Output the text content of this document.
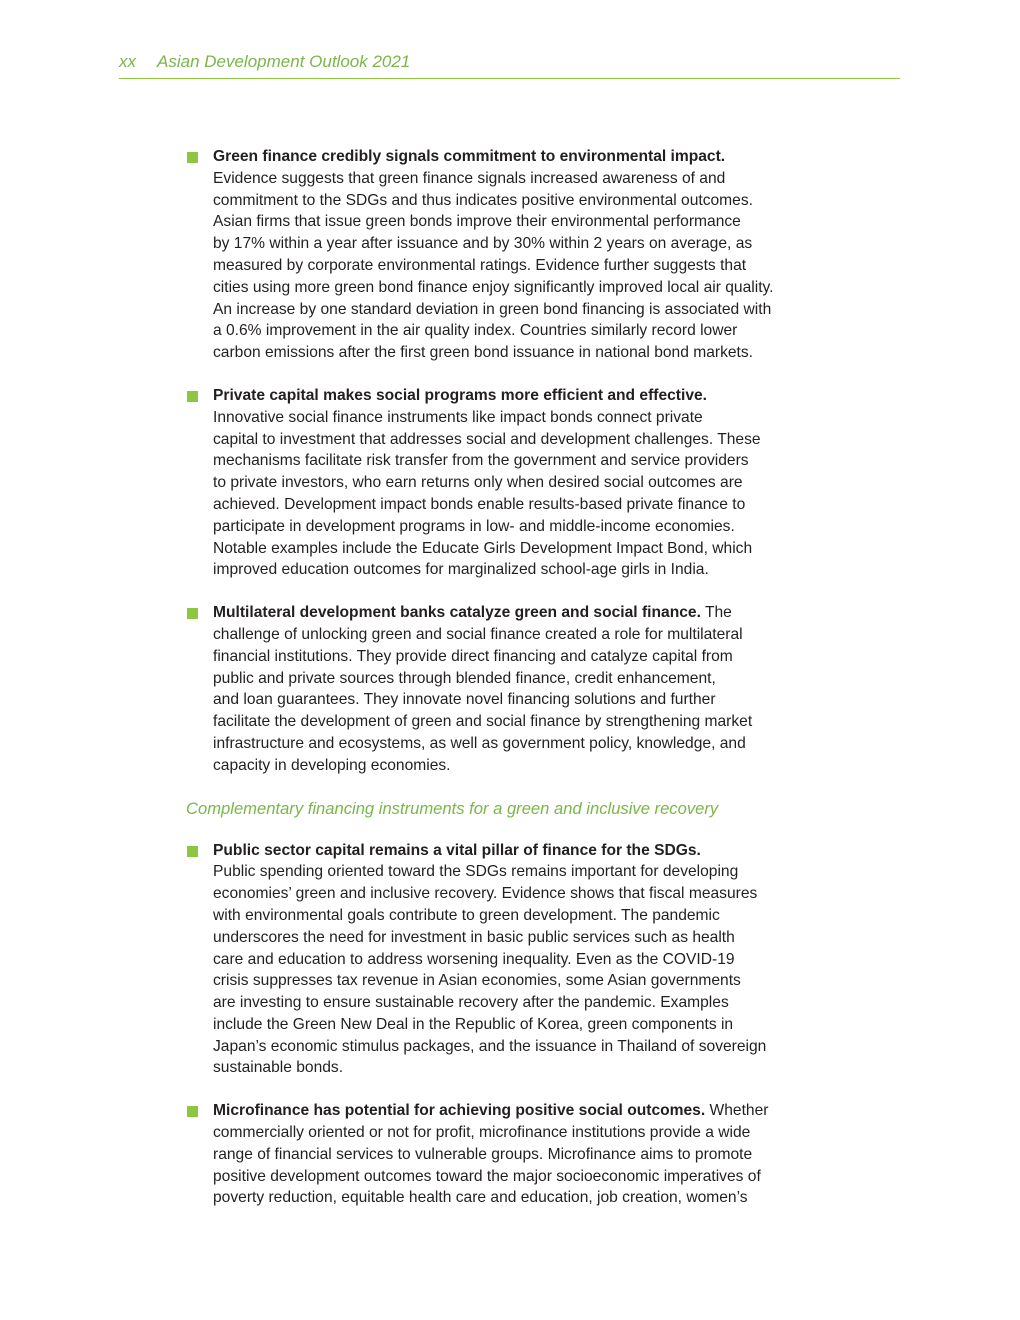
xx Asian Development Outlook 2021
Green finance credibly signals commitment to environmental impact.
Evidence suggests that green finance signals increased awareness of and
commitment to the SDGs and thus indicates positive environmental outcomes.
Asian firms that issue green bonds improve their environmental performance
by 17% within a year after issuance and by 30% within 2 years on average, as
measured by corporate environmental ratings. Evidence further suggests that
cities using more green bond finance enjoy significantly improved local air quality.
An increase by one standard deviation in green bond financing is associated with
a 0.6% improvement in the air quality index. Countries similarly record lower
carbon emissions after the first green bond issuance in national bond markets.
Private capital makes social programs more efficient and effective.
Innovative social finance instruments like impact bonds connect private
capital to investment that addresses social and development challenges. These
mechanisms facilitate risk transfer from the government and service providers
to private investors, who earn returns only when desired social outcomes are
achieved. Development impact bonds enable results-based private finance to
participate in development programs in low- and middle-income economies.
Notable examples include the Educate Girls Development Impact Bond, which
improved education outcomes for marginalized school-age girls in India.
Multilateral development banks catalyze green and social finance. The
challenge of unlocking green and social finance created a role for multilateral
financial institutions. They provide direct financing and catalyze capital from
public and private sources through blended finance, credit enhancement,
and loan guarantees. They innovate novel financing solutions and further
facilitate the development of green and social finance by strengthening market
infrastructure and ecosystems, as well as government policy, knowledge, and
capacity in developing economies.
Complementary financing instruments for a green and inclusive recovery
Public sector capital remains a vital pillar of finance for the SDGs.
Public spending oriented toward the SDGs remains important for developing
economies’ green and inclusive recovery. Evidence shows that fiscal measures
with environmental goals contribute to green development. The pandemic
underscores the need for investment in basic public services such as health
care and education to address worsening inequality. Even as the COVID-19
crisis suppresses tax revenue in Asian economies, some Asian governments
are investing to ensure sustainable recovery after the pandemic. Examples
include the Green New Deal in the Republic of Korea, green components in
Japan’s economic stimulus packages, and the issuance in Thailand of sovereign
sustainable bonds.
Microfinance has potential for achieving positive social outcomes. Whether
commercially oriented or not for profit, microfinance institutions provide a wide
range of financial services to vulnerable groups. Microfinance aims to promote
positive development outcomes toward the major socioeconomic imperatives of
poverty reduction, equitable health care and education, job creation, women’s
